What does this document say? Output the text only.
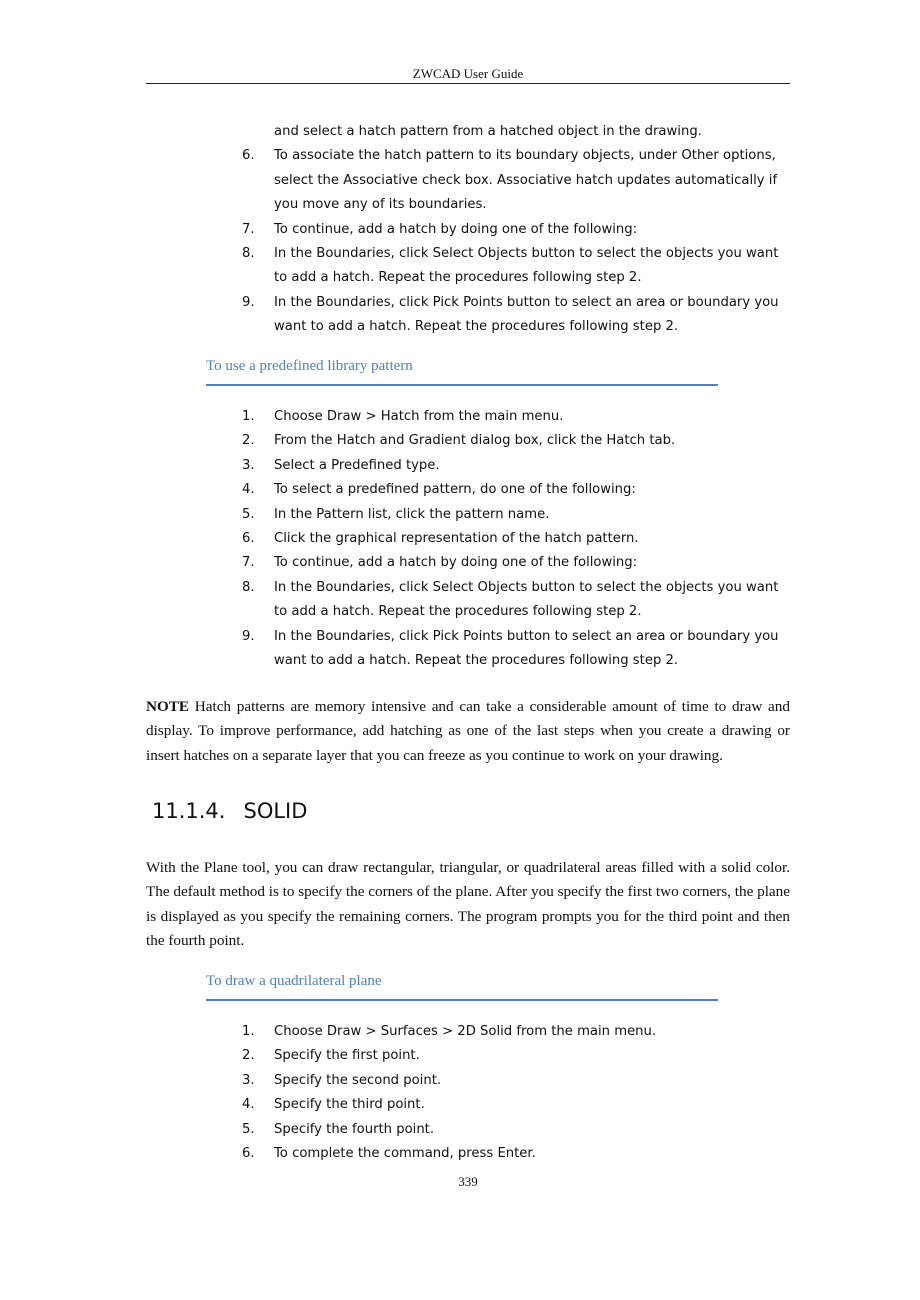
ZWCAD User Guide
and select a hatch pattern from a hatched object in the drawing.
6.	To associate the hatch pattern to its boundary objects, under Other options, select the Associative check box. Associative hatch updates automatically if you move any of its boundaries.
7.	To continue, add a hatch by doing one of the following:
8.	In the Boundaries, click Select Objects button to select the objects you want to add a hatch. Repeat the procedures following step 2.
9.	In the Boundaries, click Pick Points button to select an area or boundary you want to add a hatch. Repeat the procedures following step 2.
To use a predefined library pattern
1.	Choose Draw > Hatch from the main menu.
2.	From the Hatch and Gradient dialog box, click the Hatch tab.
3.	Select a Predefined type.
4.	To select a predefined pattern, do one of the following:
5.	In the Pattern list, click the pattern name.
6.	Click the graphical representation of the hatch pattern.
7.	To continue, add a hatch by doing one of the following:
8.	In the Boundaries, click Select Objects button to select the objects you want to add a hatch. Repeat the procedures following step 2.
9.	In the Boundaries, click Pick Points button to select an area or boundary you want to add a hatch. Repeat the procedures following step 2.
NOTE Hatch patterns are memory intensive and can take a considerable amount of time to draw and display. To improve performance, add hatching as one of the last steps when you create a drawing or insert hatches on a separate layer that you can freeze as you continue to work on your drawing.
11.1.4. SOLID
With the Plane tool, you can draw rectangular, triangular, or quadrilateral areas filled with a solid color. The default method is to specify the corners of the plane. After you specify the first two corners, the plane is displayed as you specify the remaining corners. The program prompts you for the third point and then the fourth point.
To draw a quadrilateral plane
1.	Choose Draw > Surfaces > 2D Solid from the main menu.
2.	Specify the first point.
3.	Specify the second point.
4.	Specify the third point.
5.	Specify the fourth point.
6.	To complete the command, press Enter.
339
